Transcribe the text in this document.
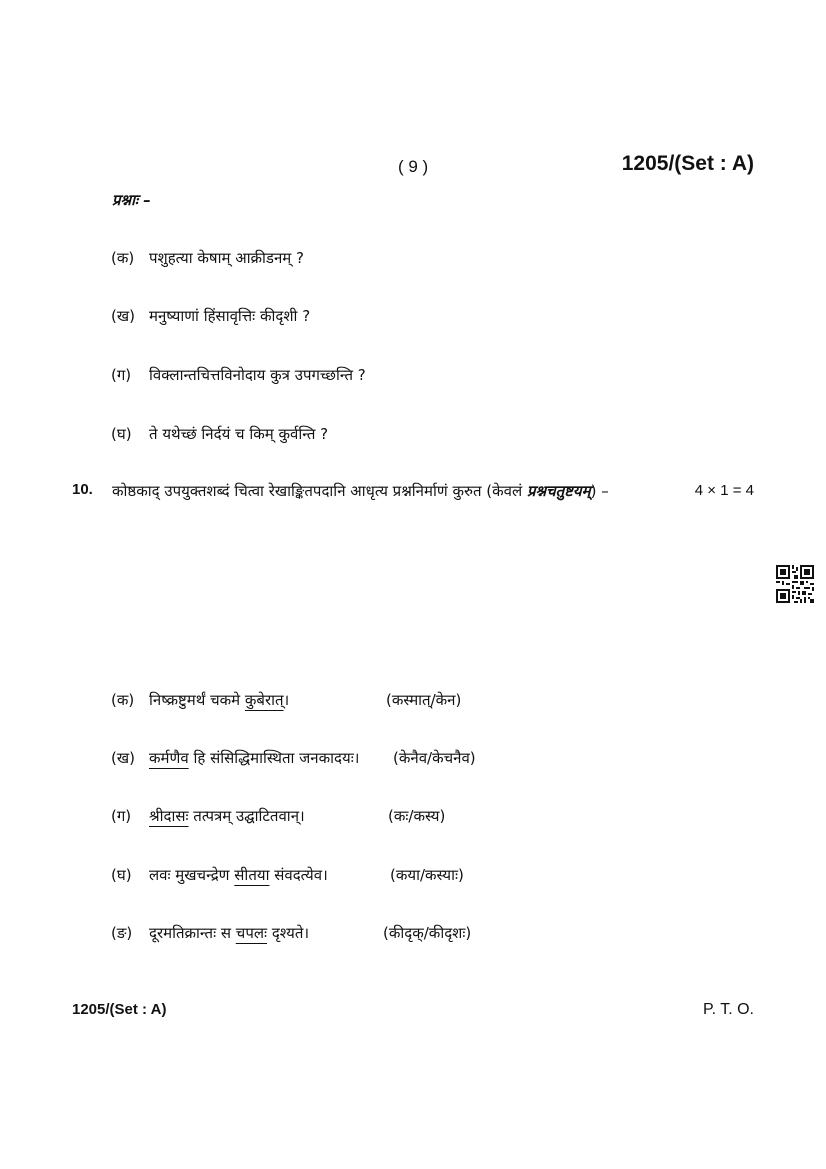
( 9 )	1205/(Set : A)
प्रश्नाः –
(क) पशुहत्या केषाम् आक्रीडनम् ?
(ख) मनुष्याणां हिंसावृत्तिः कीदृशी ?
(ग) विक्लान्तचित्तविनोदाय कुत्र उपगच्छन्ति ?
(घ) ते यथेच्छं निर्दयं च किम् कुर्वन्ति ?
10. कोष्ठकाद् उपयुक्तशब्दं चित्वा रेखाङ्कितपदानि आधृत्य प्रश्ननिर्माणं कुरुत (केवलं प्रश्नचतुष्टयम्) –	4 × 1 = 4
(क) निष्क्रष्टुमर्थं चकमे कुबेरात्।	(कस्मात्/केन)
(ख) कर्मणैव हि संसिद्धिमास्थिता जनकादयः। (केनैव/केचनैव)
(ग) श्रीदासः तत्पत्रम् उद्घाटितवान्।	(कः/कस्य)
(घ) लवः मुखचन्द्रेण सीतया संवदत्येव।	(कया/कस्याः)
(ङ) दूरमतिक्रान्तः स चपलः दृश्यते।	(कीदृक्/कीदृशः)
1205/(Set : A)	P. T. O.
